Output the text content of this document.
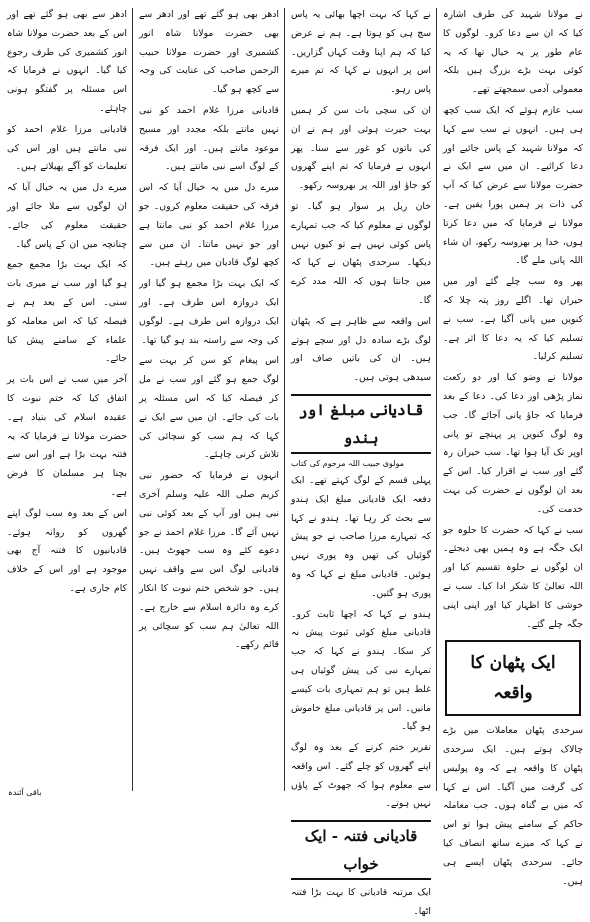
نے مولانا شہید کی طرف اشارہ کیا کہ ان سے دعا کرو۔ لوگوں کا عام طور پر یہ خیال تھا کہ یہ کوئی بہت بڑے بزرگ ہیں بلکہ معمولی آدمی سمجھتے تھے۔

سب عازم ہوئے کہ ایک سب کچھ ہی ہیں۔ انہوں نے سب سے کہا کہ مولانا شہید کے پاس جائیے اور دعا کرائیے۔ ان میں سے ایک نے حضرت مولانا سے عرض کیا کہ آپ کی ذات پر ہمیں پورا یقین ہے۔ مولانا نے فرمایا کہ میں دعا کرتا ہوں، خدا پر بھروسہ رکھو، ان شاء اللہ پانی ملے گا۔

پھر وہ سب چلے گئے اور میں حیران تھا۔ اگلے روز پتہ چلا کہ کنویں میں پانی آگیا ہے۔ سب نے تسلیم کیا کہ یہ دعا کا اثر ہے۔ تسلیم کرلیا۔

مولانا نے وضو کیا اور دو رکعت نماز پڑھی اور دعا کی۔ دعا کے بعد فرمایا کہ جاؤ پانی آجائے گا۔ جب وہ لوگ کنویں پر پہنچے تو پانی اوپر تک آیا ہوا تھا۔ سب حیران رہ گئے اور سب نے اقرار کیا۔ اس کے بعد ان لوگوں نے حضرت کی بہت خدمت کی۔

سب نے کہا کہ حضرت کا حلوہ جو ایک جگہ ہے وہ ہمیں بھی دیجئے۔ ان لوگوں نے حلوہ تقسیم کیا اور اللہ تعالیٰ کا شکر ادا کیا۔ سب نے خوشی کا اظہار کیا اور اپنی اپنی جگہ چلے گئے۔

ایک پٹھان کا واقعہ

سرحدی پٹھان معاملات میں بڑے چالاک ہوتے ہیں۔ ایک سرحدی پٹھان کا واقعہ ہے کہ وہ پولیس کی گرفت میں آگیا۔ اس نے کہا کہ میں بے گناہ ہوں۔ جب معاملہ حاکم کے سامنے پیش ہوا تو اس نے کہا کہ میرے ساتھ انصاف کیا جائے۔ سرحدی پٹھان ایسے ہی ہیں۔

نے کہا کہ بہت اچھا بھائی یہ پاس سچ ہی کو ہوتا ہے۔ ہم نے عرض کیا کہ ہم اپنا وقت کہاں گزاریں۔ اس پر انہوں نے کہا کہ تم میرے پاس رہو۔

ان کی سچی بات سن کر ہمیں بہت حیرت ہوئی اور ہم نے ان کی باتوں کو غور سے سنا۔ پھر انہوں نے فرمایا کہ تم اپنے گھروں کو جاؤ اور اللہ پر بھروسہ رکھو۔

خان ریل پر سوار ہو گیا۔ تو لوگوں نے معلوم کیا کہ جب تمہارے پاس کوئی نہیں ہے تو کیوں نہیں دیکھا۔ سرحدی پٹھان نے کہا کہ میں جانتا ہوں کہ اللہ مدد کرے گا۔

اس واقعہ سے ظاہر ہے کہ پٹھان لوگ بڑے سادہ دل اور سچے ہوتے ہیں۔ ان کی باتیں صاف اور سیدھی ہوتی ہیں۔

قادیانی مبلغ اور ہندو
مولوی حبیب اللہ مرحوم کی کتاب

پہلی قسم کے لوگ کہتے تھے۔ ایک دفعہ ایک قادیانی مبلغ ایک ہندو سے بحث کر رہا تھا۔ ہندو نے کہا کہ تمہارے مرزا صاحب نے جو پیش گوئیاں کی تھیں وہ پوری نہیں ہوئیں۔ قادیانی مبلغ نے کہا کہ وہ پوری ہو گئیں۔

ہندو نے کہا کہ اچھا ثابت کرو۔ قادیانی مبلغ کوئی ثبوت پیش نہ کر سکا۔ ہندو نے کہا کہ جب تمہارے نبی کی پیش گوئیاں ہی غلط ہیں تو ہم تمہاری بات کیسے مانیں۔ اس پر قادیانی مبلغ خاموش ہو گیا۔

تقریر ختم کرنے کے بعد وہ لوگ اپنے گھروں کو چلے گئے۔ اس واقعہ سے معلوم ہوا کہ جھوٹ کے پاؤں نہیں ہوتے۔

قادیانی فتنہ - ایک خواب

ایک مرتبہ قادیانی کا بہت بڑا فتنہ اٹھا۔

ادھر بھی ہو گئے تھے اور ادھر سے بھی حضرت مولانا شاہ انور کشمیری اور حضرت مولانا حبیب الرحمن صاحب کی عنایت کی وجہ سے کچھ ہو گیا۔

قادیانی مرزا غلام احمد کو نبی نہیں مانتے بلکہ مجدد اور مسیح موعود مانتے ہیں۔ اور ایک فرقہ کے لوگ اسے نبی مانتے ہیں۔

میرے دل میں یہ خیال آیا کہ اس فرقہ کی حقیقت معلوم کروں۔ جو مرزا غلام احمد کو نبی مانتا ہے اور جو نہیں مانتا۔ ان میں سے کچھ لوگ قادیان میں رہتے ہیں۔

کہ ایک بہت بڑا مجمع ہو گیا اور ایک دروازہ اس طرف ہے۔ اور ایک دروازہ اس طرف ہے۔ لوگوں کی وجہ سے راستہ بند ہو گیا تھا۔

اس پیغام کو سن کر بہت سے لوگ جمع ہو گئے اور سب نے مل کر فیصلہ کیا کہ اس مسئلہ پر بات کی جائے۔ ان میں سے ایک نے کہا کہ ہم سب کو سچائی کی تلاش کرنی چاہئے۔

انہوں نے فرمایا کہ حضور نبی کریم صلی اللہ علیہ وسلم آخری نبی ہیں اور آپ کے بعد کوئی نبی نہیں آئے گا۔ مرزا غلام احمد نے جو دعوے کئے وہ سب جھوٹ ہیں۔ قادیانی لوگ اس سے واقف نہیں ہیں۔ جو شخص ختم نبوت کا انکار کرے وہ دائرہ اسلام سے خارج ہے۔ اللہ تعالیٰ ہم سب کو سچائی پر قائم رکھے۔

ادھر سے بھی ہو گئے تھے اور اس کے بعد حضرت مولانا شاہ انور کشمیری کی طرف رجوع کیا گیا۔ انہوں نے فرمایا کہ اس مسئلہ پر گفتگو ہونی چاہئے۔

قادیانی مرزا غلام احمد کو نبی مانتے ہیں اور اس کی تعلیمات کو آگے پھیلاتے ہیں۔

میرے دل میں یہ خیال آیا کہ ان لوگوں سے ملا جائے اور حقیقت معلوم کی جائے۔ چنانچہ میں ان کے پاس گیا۔

کہ ایک بہت بڑا مجمع جمع ہو گیا اور سب نے میری بات سنی۔ اس کے بعد ہم نے فیصلہ کیا کہ اس معاملہ کو علماء کے سامنے پیش کیا جائے۔

آخر میں سب نے اس بات پر اتفاق کیا کہ ختم نبوت کا عقیدہ اسلام کی بنیاد ہے۔ حضرت مولانا نے فرمایا کہ یہ فتنہ بہت بڑا ہے اور اس سے بچنا ہر مسلمان کا فرض ہے۔

اس کے بعد وہ سب لوگ اپنے گھروں کو روانہ ہوئے۔ قادیانیوں کا فتنہ آج بھی موجود ہے اور اس کے خلاف کام جاری ہے۔

باقی آئندہ
